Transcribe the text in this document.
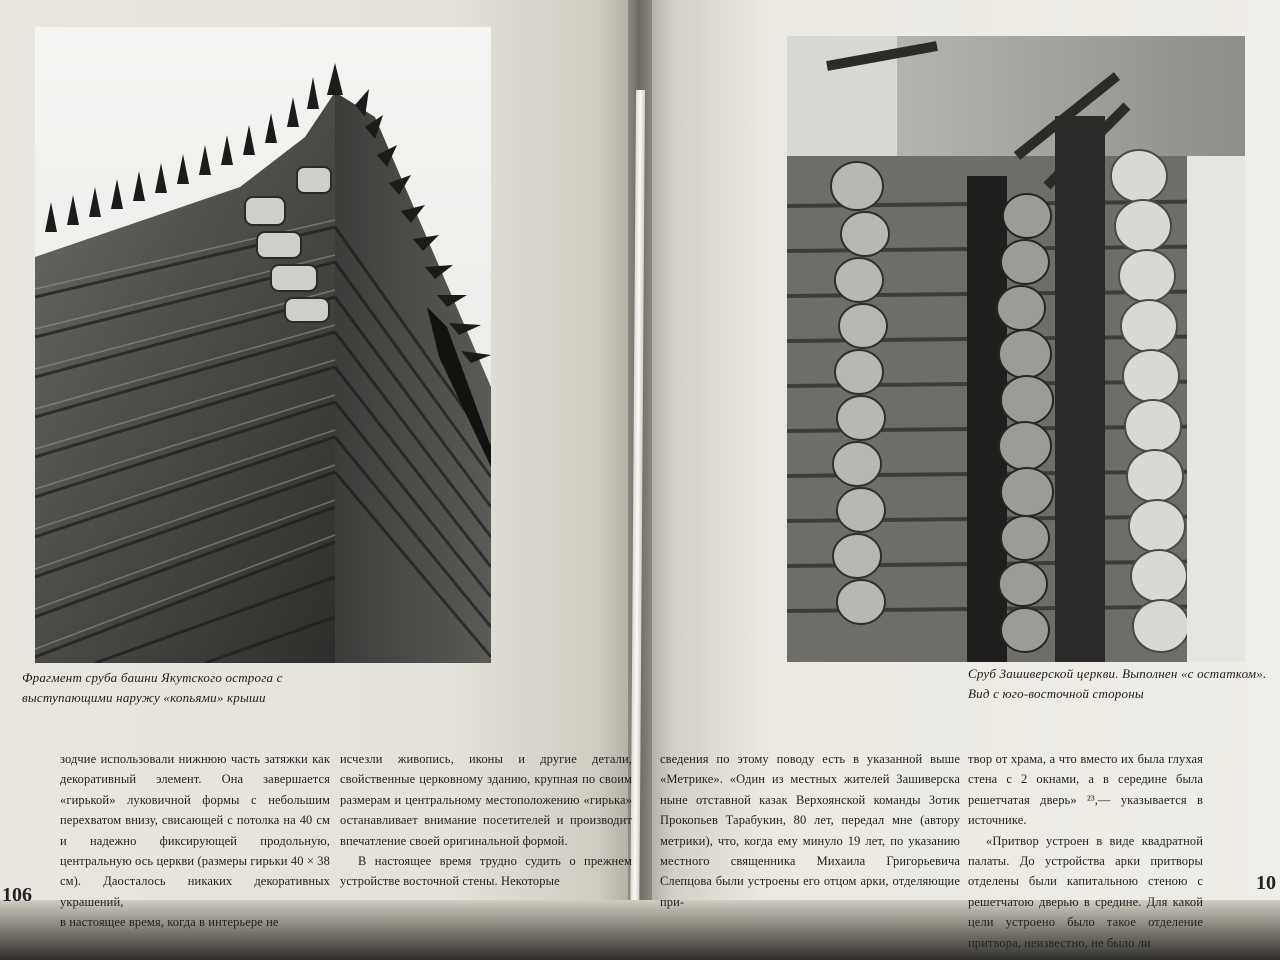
Фрагмент сруба башни Якутского острога с выступающими наружу «копьями» крыши
Сруб Зашиверской церкви. Выполнен «с остатком». Вид с юго-восточной стороны

зодчие использовали нижнюю часть затяжки как декоративный элемент. Она завершается «гирькой» луковичной формы с небольшим перехватом внизу, свисающей с потолка на 40 см и надежно фиксирующей продольную, центральную ось церкви (размеры гирьки 40 × 38 см). Даосталось никаких декоративных украшений,

в настоящее время, когда в интерьере не

исчезли живопись, иконы и другие детали, свойственные церковному зданию, крупная по своим размерам и центральному местоположению «гирька» останавливает внимание посетителей и производит впечатление своей оригинальной формой.

В настоящее время трудно судить о прежнем устройстве восточной стены. Некоторые

сведения по этому поводу есть в указанной выше «Метрике». «Один из местных жителей Зашиверска ныне отставной казак Верхоянской команды Зотик Прокопьев Тарабукин, 80 лет, передал мне (автору метрики), что, когда ему минуло 19 лет, по указанию местного священника Михаила Григорьевича Слепцова были устроены его отцом арки, отделяющие при-

твор от храма, а что вместо их была глухая стена с 2 окнами, а в середине была решетчатая дверь» ²³,— указывается в источнике.

«Притвор устроен в виде квадратной палаты. До устройства арки притворы отделены были капитальною стеною с решетчатою дверью в средине. Для какой цели устроено было такое отделение притвора, неизвестно, не было ли

106
10
